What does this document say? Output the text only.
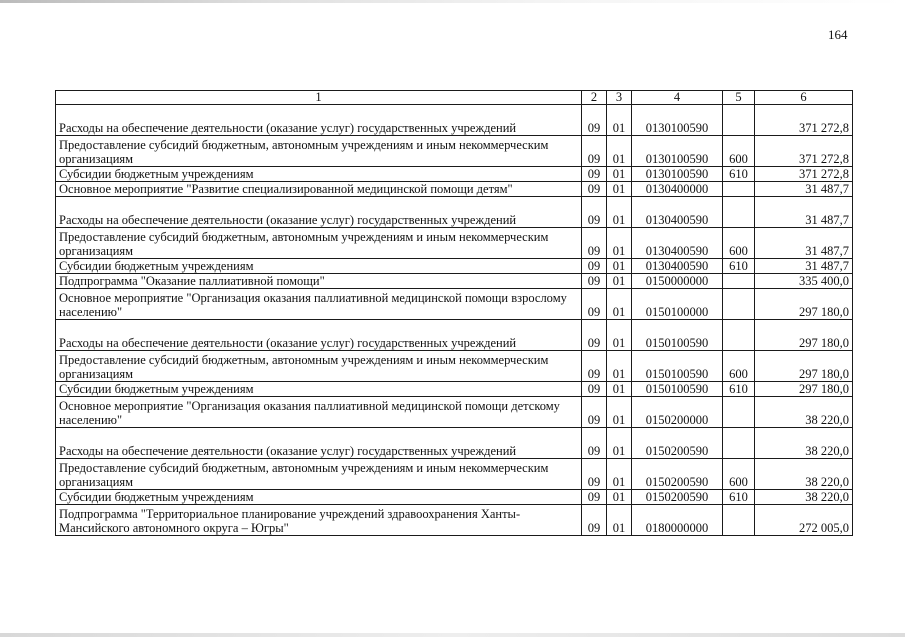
164
1	2	3	4	5	6
Расходы на обеспечение деятельности (оказание услуг) государственных учреждений	09	01	0130100590		371 272,8
Предоставление субсидий бюджетным, автономным учреждениям и иным некоммерческим организациям	09	01	0130100590	600	371 272,8
Субсидии бюджетным учреждениям	09	01	0130100590	610	371 272,8
Основное мероприятие "Развитие специализированной медицинской помощи детям"	09	01	0130400000		31 487,7
Расходы на обеспечение деятельности (оказание услуг) государственных учреждений	09	01	0130400590		31 487,7
Предоставление субсидий бюджетным, автономным учреждениям и иным некоммерческим организациям	09	01	0130400590	600	31 487,7
Субсидии бюджетным учреждениям	09	01	0130400590	610	31 487,7
Подпрограмма "Оказание паллиативной помощи"	09	01	0150000000		335 400,0
Основное мероприятие "Организация оказания паллиативной медицинской помощи взрослому населению"	09	01	0150100000		297 180,0
Расходы на обеспечение деятельности (оказание услуг) государственных учреждений	09	01	0150100590		297 180,0
Предоставление субсидий бюджетным, автономным учреждениям и иным некоммерческим организациям	09	01	0150100590	600	297 180,0
Субсидии бюджетным учреждениям	09	01	0150100590	610	297 180,0
Основное мероприятие "Организация оказания паллиативной медицинской помощи детскому населению"	09	01	0150200000		38 220,0
Расходы на обеспечение деятельности (оказание услуг) государственных учреждений	09	01	0150200590		38 220,0
Предоставление субсидий бюджетным, автономным учреждениям и иным некоммерческим организациям	09	01	0150200590	600	38 220,0
Субсидии бюджетным учреждениям	09	01	0150200590	610	38 220,0
Подпрограмма "Территориальное планирование учреждений здравоохранения Ханты-Мансийского автономного округа – Югры"	09	01	0180000000		272 005,0
